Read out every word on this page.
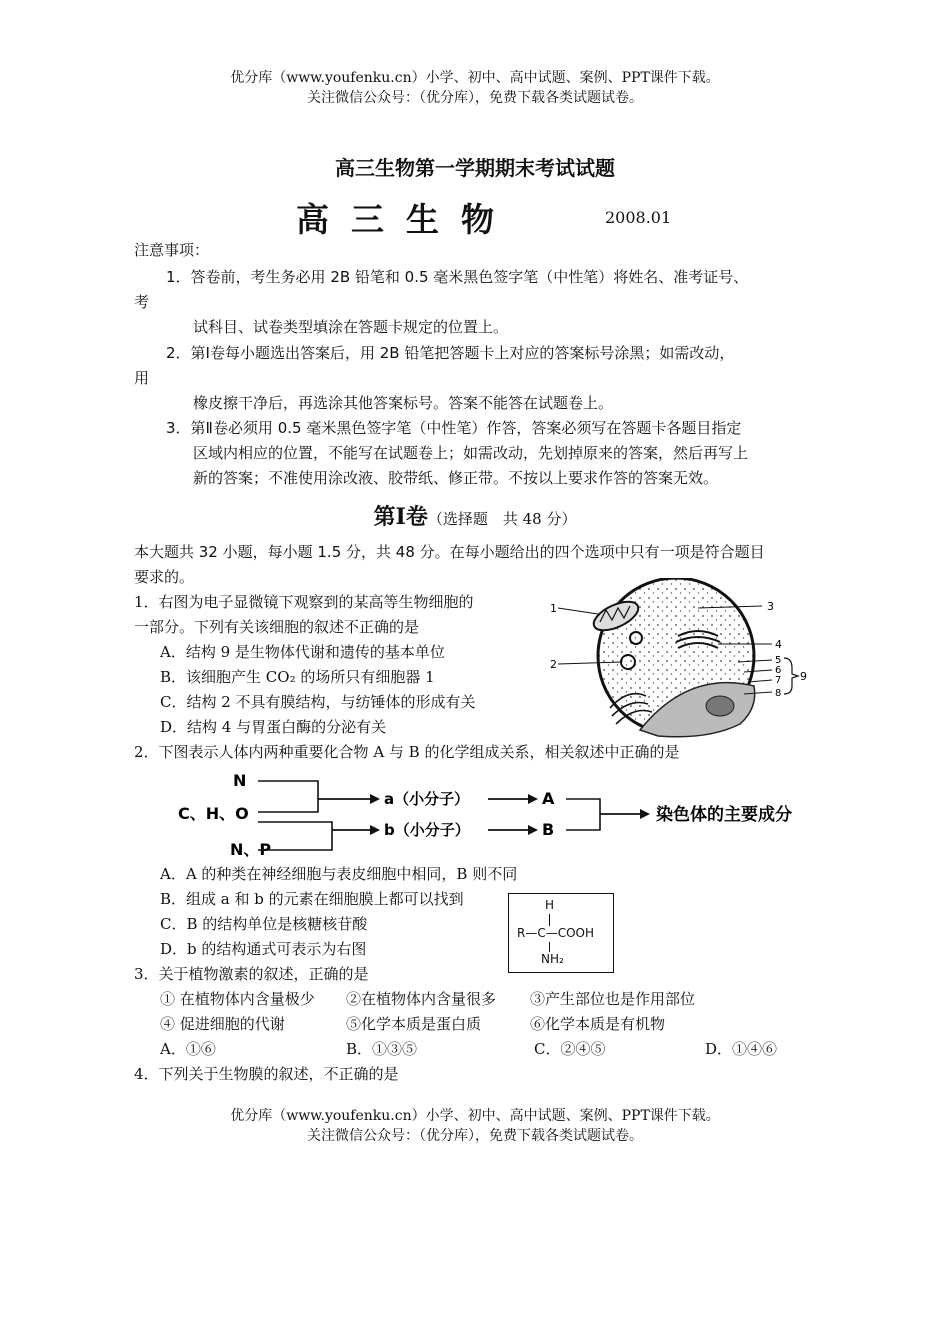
优分库（www.youfenku.cn）小学、初中、高中试题、案例、PPT课件下载。
关注微信公众号：（优分库），免费下载各类试题试卷。
高三生物第一学期期末考试试题
高三生物	2008.01
注意事项：
1．答卷前，考生务必用 2B 铅笔和 0.5 毫米黑色签字笔（中性笔）将姓名、准考证号、
考
试科目、试卷类型填涂在答题卡规定的位置上。
2．第Ⅰ卷每小题选出答案后，用 2B 铅笔把答题卡上对应的答案标号涂黑；如需改动，
用
橡皮擦干净后，再选涂其他答案标号。答案不能答在试题卷上。
3．第Ⅱ卷必须用 0.5 毫米黑色签字笔（中性笔）作答，答案必须写在答题卡各题目指定
区域内相应的位置，不能写在试题卷上；如需改动，先划掉原来的答案，然后再写上
新的答案；不准使用涂改液、胶带纸、修正带。不按以上要求作答的答案无效。
第Ⅰ卷（选择题　共 48 分）
本大题共 32 小题，每小题 1.5 分，共 48 分。在每小题给出的四个选项中只有一项是符合题目
要求的。
1．右图为电子显微镜下观察到的某高等生物细胞的
一部分。下列有关该细胞的叙述不正确的是
A．结构 9 是生物体代谢和遗传的基本单位
B．该细胞产生 CO₂ 的场所只有细胞器 1
C．结构 2 不具有膜结构，与纺锤体的形成有关
D．结构 4 与胃蛋白酶的分泌有关
1
2
3
4
5
6
7
8
9
2．下图表示人体内两种重要化合物 A 与 B 的化学组成关系，相关叙述中正确的是
N
C、H、O
N、P
a（小分子）
b（小分子）
A
B
染色体的主要成分
A．A 的种类在神经细胞与表皮细胞中相同，B 则不同
B．组成 a 和 b 的元素在细胞膜上都可以找到
C．B 的结构单位是核糖核苷酸
D．b 的结构通式可表示为右图
H
R—C—COOH
NH₂
3．关于植物激素的叙述，正确的是
① 在植物体内含量极少 ②在植物体内含量很多 ③产生部位也是作用部位
④ 促进细胞的代谢	⑤化学本质是蛋白质	⑥化学本质是有机物
A．①⑥	B．①③⑤	C．②④⑤	D．①④⑥
4．下列关于生物膜的叙述，不正确的是
优分库（www.youfenku.cn）小学、初中、高中试题、案例、PPT课件下载。
关注微信公众号：（优分库），免费下载各类试题试卷。
